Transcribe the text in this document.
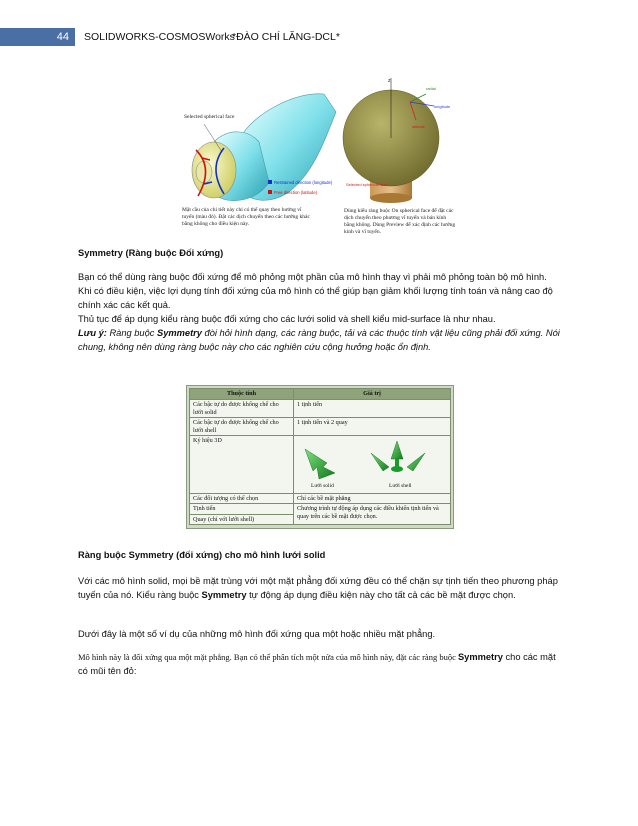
44	SOLIDWORKS-COSMOSWorks
*ĐÀO CHÍ LĂNG-DCL*
Selected spherical face
Restrained direction (longitude)
Free direction (latitude)
Mặt cầu của chi tiết này chỉ có thể quay theo hướng vĩ tuyến (màu đỏ). Đặt các dịch chuyển theo các hướng khác bằng không cho điều kiện này.
z
radial
longitude
latitude
Selected spherical face
Dùng kiểu ràng buộc On spherical face để đặt các dịch chuyển theo phương vĩ tuyến và bán kính bằng không. Dùng Preview để xác định các hướng kinh và vĩ tuyến.
Symmetry (Ràng buộc Đối xứng)
Bạn có thể dùng ràng buộc đối xứng để mô phỏng một phần của mô hình thay vì phải mô phỏng toàn bộ mô hình. Khi có điều kiện, việc lợi dụng tính đối xứng của mô hình có thể giúp bạn giảm khối lượng tính toán và nâng cao độ chính xác các kết quả.
Thủ tục để áp dụng kiểu ràng buộc đối xứng cho các lưới solid và shell kiểu mid-surface là như nhau.
Lưu ý: Ràng buộc Symmetry đòi hỏi hình dạng, các ràng buộc, tải và các thuộc tính vật liệu cũng phải đối xứng. Nói chung, không nên dùng ràng buộc này cho các nghiên cứu cộng hưởng hoặc ổn định.
Thuộc tính	Giá trị
Các bậc tự do được khống chế cho lưới solid	1 tịnh tiến
Các bậc tự do được khống chế cho lưới shell	1 tịnh tiến và 2 quay
Ký hiệu 3D	Lưới solid Lưới shell

Các đối tượng có thể chọn	Chỉ các bề mặt phẳng
Tịnh tiến	Chương trình tự động áp dụng các điều khiển tịnh tiến và quay trên các bề mặt được chọn.
Quay (chỉ với lưới shell)	
Ràng buộc Symmetry (đối xứng) cho mô hình lưới solid
Với các mô hình solid, mọi bề mặt trùng với một mặt phẳng đối xứng đều có thể chặn sự tịnh tiến theo phương pháp tuyến của nó. Kiểu ràng buộc Symmetry tự động áp dụng điều kiện này cho tất cả các bề mặt được chọn.
Dưới đây là một số ví dụ của những mô hình đối xứng qua một hoặc nhiều mặt phẳng.
Mô hình này là đối xứng qua một mặt phẳng. Bạn có thể phân tích một nửa của mô hình này, đặt các ràng buộc Symmetry cho các mặt có mũi tên đỏ:
